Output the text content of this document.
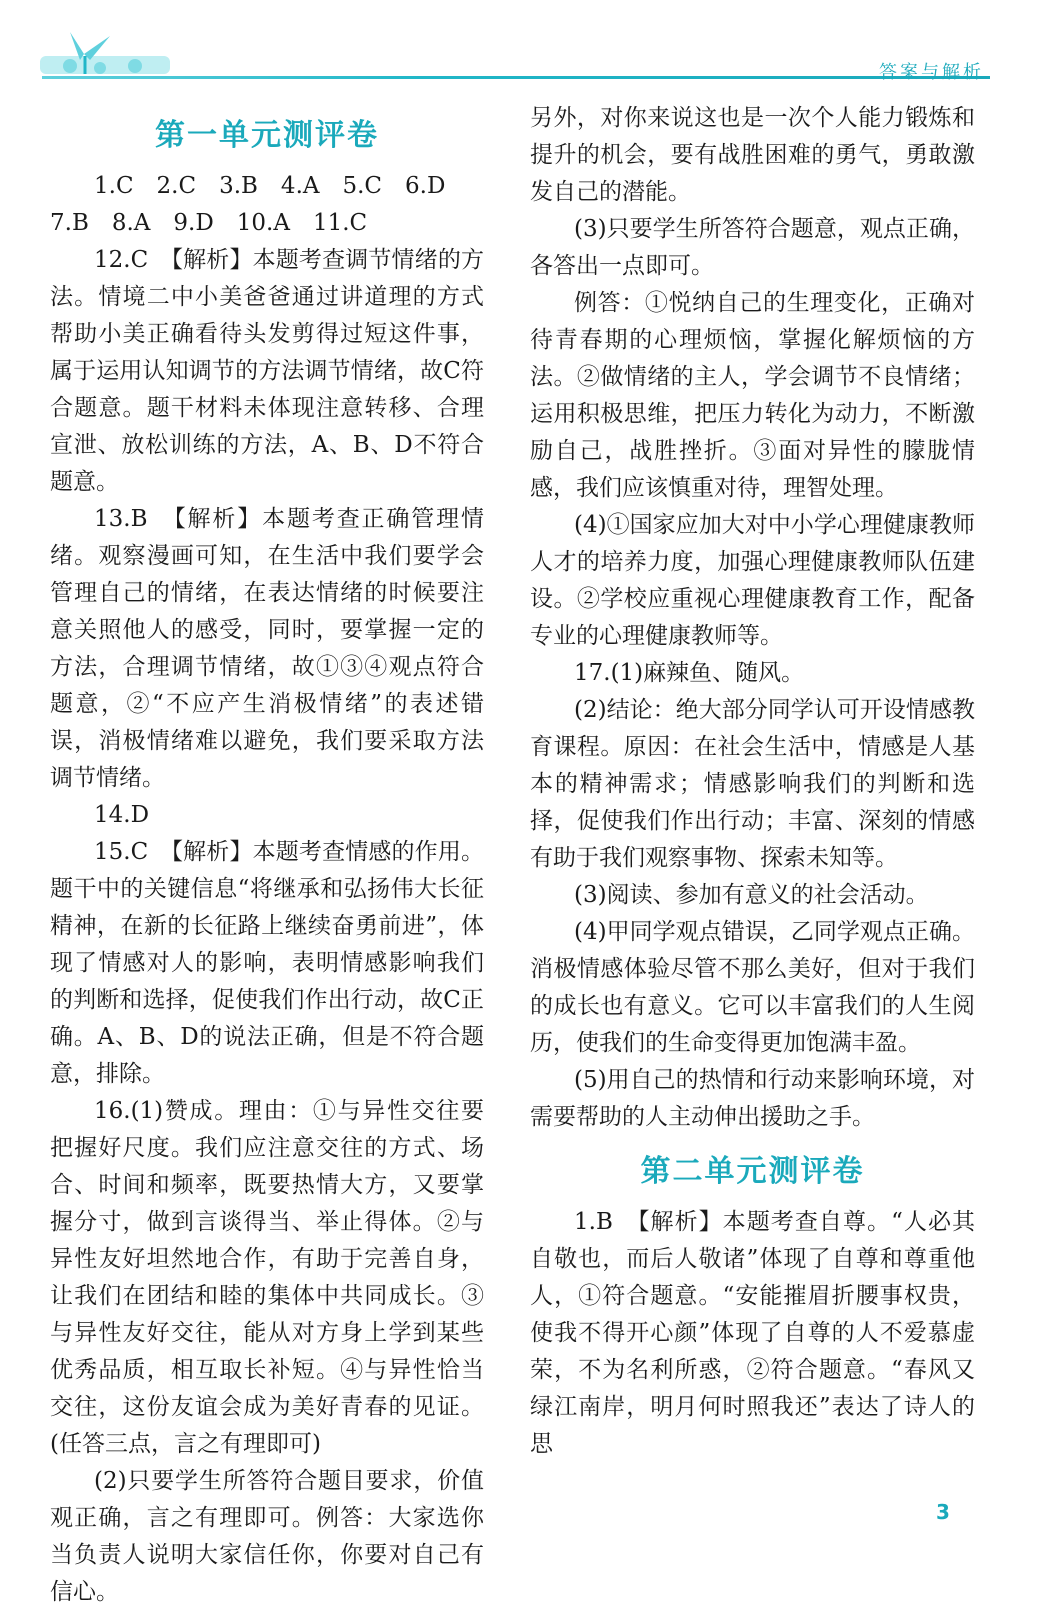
答案与解析
第一单元测评卷

1.C　2.C　3.B　4.A　5.C　6.D

7.B　8.A　9.D　10.A　11.C

12.C　【解析】本题考查调节情绪的方法。情境二中小美爸爸通过讲道理的方式帮助小美正确看待头发剪得过短这件事，属于运用认知调节的方法调节情绪，故C符合题意。题干材料未体现注意转移、合理宣泄、放松训练的方法，A、B、D不符合题意。

13.B　【解析】本题考查正确管理情绪。观察漫画可知，在生活中我们要学会管理自己的情绪，在表达情绪的时候要注意关照他人的感受，同时，要掌握一定的方法，合理调节情绪，故①③④观点符合题意，②“不应产生消极情绪”的表述错误，消极情绪难以避免，我们要采取方法调节情绪。

14.D

15.C　【解析】本题考查情感的作用。题干中的关键信息“将继承和弘扬伟大长征精神，在新的长征路上继续奋勇前进”，体现了情感对人的影响，表明情感影响我们的判断和选择，促使我们作出行动，故C正确。A、B、D的说法正确，但是不符合题意，排除。

16.(1)赞成。理由：①与异性交往要把握好尺度。我们应注意交往的方式、场合、时间和频率，既要热情大方，又要掌握分寸，做到言谈得当、举止得体。②与异性友好坦然地合作，有助于完善自身，让我们在团结和睦的集体中共同成长。③与异性友好交往，能从对方身上学到某些优秀品质，相互取长补短。④与异性恰当交往，这份友谊会成为美好青春的见证。(任答三点，言之有理即可)

(2)只要学生所答符合题目要求，价值观正确，言之有理即可。例答：大家选你当负责人说明大家信任你，你要对自己有信心。

另外，对你来说这也是一次个人能力锻炼和提升的机会，要有战胜困难的勇气，勇敢激发自己的潜能。

(3)只要学生所答符合题意，观点正确，各答出一点即可。

例答：①悦纳自己的生理变化，正确对待青春期的心理烦恼，掌握化解烦恼的方法。②做情绪的主人，学会调节不良情绪；运用积极思维，把压力转化为动力，不断激励自己，战胜挫折。③面对异性的朦胧情感，我们应该慎重对待，理智处理。

(4)①国家应加大对中小学心理健康教师人才的培养力度，加强心理健康教师队伍建设。②学校应重视心理健康教育工作，配备专业的心理健康教师等。

17.(1)麻辣鱼、随风。

(2)结论：绝大部分同学认可开设情感教育课程。原因：在社会生活中，情感是人基本的精神需求；情感影响我们的判断和选择，促使我们作出行动；丰富、深刻的情感有助于我们观察事物、探索未知等。

(3)阅读、参加有意义的社会活动。

(4)甲同学观点错误，乙同学观点正确。消极情感体验尽管不那么美好，但对于我们的成长也有意义。它可以丰富我们的人生阅历，使我们的生命变得更加饱满丰盈。

(5)用自己的热情和行动来影响环境，对需要帮助的人主动伸出援助之手。

第二单元测评卷

1.B　【解析】本题考查自尊。“人必其自敬也，而后人敬诸”体现了自尊和尊重他人，①符合题意。“安能摧眉折腰事权贵，使我不得开心颜”体现了自尊的人不爱慕虚荣，不为名利所惑，②符合题意。“春风又绿江南岸，明月何时照我还”表达了诗人的思

3
